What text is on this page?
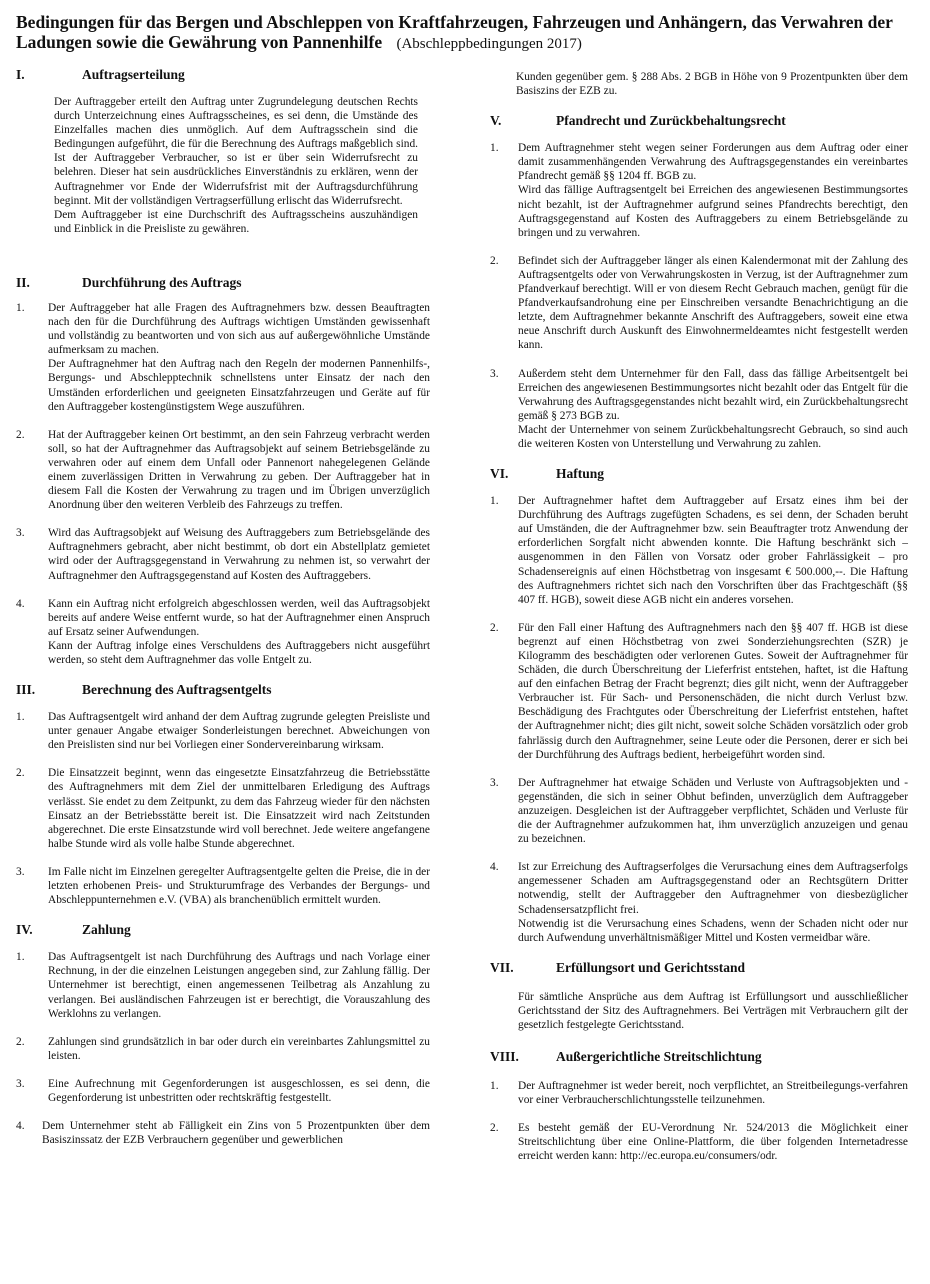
Bedingungen für das Bergen und Abschleppen von Kraftfahrzeugen, Fahrzeugen und Anhängern, das Verwahren der Ladungen sowie die Gewährung von Pannenhilfe (Abschleppbedingungen 2017)
I.	Auftragserteilung

Der Auftraggeber erteilt den Auftrag unter Zugrundelegung deutschen Rechts durch Unterzeichnung eines Auftragsscheines, es sei denn, die Umstände des Einzelfalles machen dies unmöglich. Auf dem Auftragsschein sind die Bedingungen aufgeführt, die für die Berechnung des Auftrags maßgeblich sind. Ist der Auftraggeber Verbraucher, so ist er über sein Widerrufsrecht zu belehren. Dieser hat sein ausdrückliches Einverständnis zu erklären, wenn der Auftragnehmer vor Ende der Widerrufsfrist mit der Auftragsdurchführung beginnt. Mit der vollständigen Vertragserfüllung erlischt das Widerrufsrecht.

Dem Auftraggeber ist eine Durchschrift des Auftragsscheins auszuhändigen und Einblick in die Preisliste zu gewähren.

II.	Durchführung des Auftrags
1.	Der Auftraggeber hat alle Fragen des Auftragnehmers bzw. dessen Beauftragten nach den für die Durchführung des Auftrags wichtigen Umständen gewissenhaft und vollständig zu beantworten und von sich aus auf außergewöhnliche Umstände aufmerksam zu machen.

Der Auftragnehmer hat den Auftrag nach den Regeln der modernen Pannenhilfs-, Bergungs- und Abschlepptechnik schnellstens unter Einsatz der nach den Umständen erforderlichen und geeigneten Einsatzfahrzeugen und Geräte auf für den Auftraggeber kostengünstigstem Wege auszuführen.

2.	Hat der Auftraggeber keinen Ort bestimmt, an den sein Fahrzeug verbracht werden soll, so hat der Auftragnehmer das Auftragsobjekt auf seinem Betriebsgelände zu verwahren oder auf einem dem Unfall oder Pannenort nahegelegenen Gelände einem zuverlässigen Dritten in Verwahrung zu geben. Der Auftraggeber hat in diesem Fall die Kosten der Verwahrung zu tragen und im Übrigen unverzüglich Anordnung über den weiteren Verbleib des Fahrzeugs zu treffen.

3.	Wird das Auftragsobjekt auf Weisung des Auftraggebers zum Betriebsgelände des Auftragnehmers gebracht, aber nicht bestimmt, ob dort ein Abstellplatz gemietet wird oder der Auftragsgegenstand in Verwahrung zu nehmen ist, so verwahrt der Auftragnehmer den Auftragsgegenstand auf Kosten des Auftraggebers.

4.	Kann ein Auftrag nicht erfolgreich abgeschlossen werden, weil das Auftragsobjekt bereits auf andere Weise entfernt wurde, so hat der Auftragnehmer einen Anspruch auf Ersatz seiner Aufwendungen.

Kann der Auftrag infolge eines Verschuldens des Auftraggebers nicht ausgeführt werden, so steht dem Auftragnehmer das volle Entgelt zu.

III.	Berechnung des Auftragsentgelts
1.	Das Auftragsentgelt wird anhand der dem Auftrag zugrunde gelegten Preisliste und unter genauer Angabe etwaiger Sonderleistungen berechnet. Abweichungen von den Preislisten sind nur bei Vorliegen einer Sondervereinbarung wirksam.

2.	Die Einsatzzeit beginnt, wenn das eingesetzte Einsatzfahrzeug die Betriebsstätte des Auftragnehmers mit dem Ziel der unmittelbaren Erledigung des Auftrags verlässt. Sie endet zu dem Zeitpunkt, zu dem das Fahrzeug wieder für den nächsten Einsatz an der Betriebsstätte bereit ist. Die Einsatzzeit wird nach Zeitstunden abgerechnet. Die erste Einsatzstunde wird voll berechnet. Jede weitere angefangene halbe Stunde wird als volle halbe Stunde abgerechnet.

3.	Im Falle nicht im Einzelnen geregelter Auftragsentgelte gelten die Preise, die in der letzten erhobenen Preis- und Strukturumfrage des Verbandes der Bergungs- und Abschleppunternehmen e.V. (VBA) als branchenüblich ermittelt wurden.

IV.	Zahlung
1.	Das Auftragsentgelt ist nach Durchführung des Auftrags und nach Vorlage einer Rechnung, in der die einzelnen Leistungen angegeben sind, zur Zahlung fällig. Der Unternehmer ist berechtigt, einen angemessenen Teilbetrag als Anzahlung zu verlangen. Bei ausländischen Fahrzeugen ist er berechtigt, die Vorauszahlung des Werklohns zu verlangen.

2.	Zahlungen sind grundsätzlich in bar oder durch ein vereinbartes Zahlungsmittel zu leisten.

3.	Eine Aufrechnung mit Gegenforderungen ist ausgeschlossen, es sei denn, die Gegenforderung ist unbestritten oder rechtskräftig festgestellt.

4.	Dem Unternehmer steht ab Fälligkeit ein Zins von 5 Prozentpunkten über dem Basiszinssatz der EZB Verbrauchern gegenüber und gewerblichen

Kunden gegenüber gem. § 288 Abs. 2 BGB in Höhe von 9 Prozentpunkten über dem Basiszins der EZB zu.

V.	Pfandrecht und Zurückbehaltungsrecht
1.	Dem Auftragnehmer steht wegen seiner Forderungen aus dem Auftrag oder einer damit zusammenhängenden Verwahrung des Auftragsgegenstandes ein vereinbartes Pfandrecht gemäß §§ 1204 ff. BGB zu.

Wird das fällige Auftragsentgelt bei Erreichen des angewiesenen Bestimmungsortes nicht bezahlt, ist der Auftragnehmer aufgrund seines Pfandrechts berechtigt, den Auftragsgegenstand auf Kosten des Auftraggebers zu einem Betriebsgelände zu bringen und zu verwahren.

2.	Befindet sich der Auftraggeber länger als einen Kalendermonat mit der Zahlung des Auftragsentgelts oder von Verwahrungskosten in Verzug, ist der Auftragnehmer zum Pfandverkauf berechtigt. Will er von diesem Recht Gebrauch machen, genügt für die Pfandverkaufsandrohung eine per Einschreiben versandte Benachrichtigung an die letzte, dem Auftragnehmer bekannte Anschrift des Auftraggebers, soweit eine etwa neue Anschrift durch Auskunft des Einwohnermeldeamtes nicht festgestellt werden kann.

3.	Außerdem steht dem Unternehmer für den Fall, dass das fällige Arbeitsentgelt bei Erreichen des angewiesenen Bestimmungsortes nicht bezahlt oder das Entgelt für die Verwahrung des Auftragsgegenstandes nicht bezahlt wird, ein Zurückbehaltungsrecht gemäß § 273 BGB zu.

Macht der Unternehmer von seinem Zurückbehaltungsrecht Gebrauch, so sind auch die weiteren Kosten von Unterstellung und Verwahrung zu zahlen.

VI.	Haftung
1.	Der Auftragnehmer haftet dem Auftraggeber auf Ersatz eines ihm bei der Durchführung des Auftrags zugefügten Schadens, es sei denn, der Schaden beruht auf Umständen, die der Auftragnehmer bzw. sein Beauftragter trotz Anwendung der erforderlichen Sorgfalt nicht abwenden konnte. Die Haftung beschränkt sich – ausgenommen in den Fällen von Vorsatz oder grober Fahrlässigkeit – pro Schadensereignis auf einen Höchstbetrag von insgesamt € 500.000,--. Die Haftung des Auftragnehmers richtet sich nach den Vorschriften über das Frachtgeschäft (§§ 407 ff. HGB), soweit diese AGB nicht ein anderes vorsehen.

2.	Für den Fall einer Haftung des Auftragnehmers nach den §§ 407 ff. HGB ist diese begrenzt auf einen Höchstbetrag von zwei Sonderziehungsrechten (SZR) je Kilogramm des beschädigten oder verlorenen Gutes. Soweit der Auftragnehmer für Schäden, die durch Überschreitung der Lieferfrist entstehen, haftet, ist die Haftung auf den einfachen Betrag der Fracht begrenzt; dies gilt nicht, wenn der Auftraggeber Verbraucher ist. Für Sach- und Personenschäden, die nicht durch Verlust bzw. Beschädigung des Frachtgutes oder Überschreitung der Lieferfrist entstehen, haftet der Auftragnehmer nicht; dies gilt nicht, soweit solche Schäden vorsätzlich oder grob fahrlässig durch den Auftragnehmer, seine Leute oder die Personen, derer er sich bei der Durchführung des Auftrags bedient, herbeigeführt worden sind.

3.	Der Auftragnehmer hat etwaige Schäden und Verluste von Auftragsobjekten und -gegenständen, die sich in seiner Obhut befinden, unverzüglich dem Auftraggeber anzuzeigen. Desgleichen ist der Auftraggeber verpflichtet, Schäden und Verluste für die der Auftragnehmer aufzukommen hat, ihm unverzüglich anzuzeigen und genau zu bezeichnen.

4.	Ist zur Erreichung des Auftragserfolges die Verursachung eines dem Auftragserfolgs angemessener Schaden am Auftragsgegenstand oder an Rechtsgütern Dritter notwendig, stellt der Auftraggeber den Auftragnehmer von diesbezüglicher Schadensersatzpflicht frei.

Notwendig ist die Verursachung eines Schadens, wenn der Schaden nicht oder nur durch Aufwendung unverhältnismäßiger Mittel und Kosten vermeidbar wäre.

VII.	Erfüllungsort und Gerichtsstand

Für sämtliche Ansprüche aus dem Auftrag ist Erfüllungsort und ausschließlicher Gerichtsstand der Sitz des Auftragnehmers. Bei Verträgen mit Verbrauchern gilt der gesetzlich festgelegte Gerichtsstand.

VIII.	Außergerichtliche Streitschlichtung
1.	Der Auftragnehmer ist weder bereit, noch verpflichtet, an Streitbeilegungs-verfahren vor einer Verbraucherschlichtungsstelle teilzunehmen.

2.	Es besteht gemäß der EU-Verordnung Nr. 524/2013 die Möglichkeit einer Streitschlichtung über eine Online-Plattform, die über folgenden Internetadresse erreicht werden kann: http://ec.europa.eu/consumers/odr.
